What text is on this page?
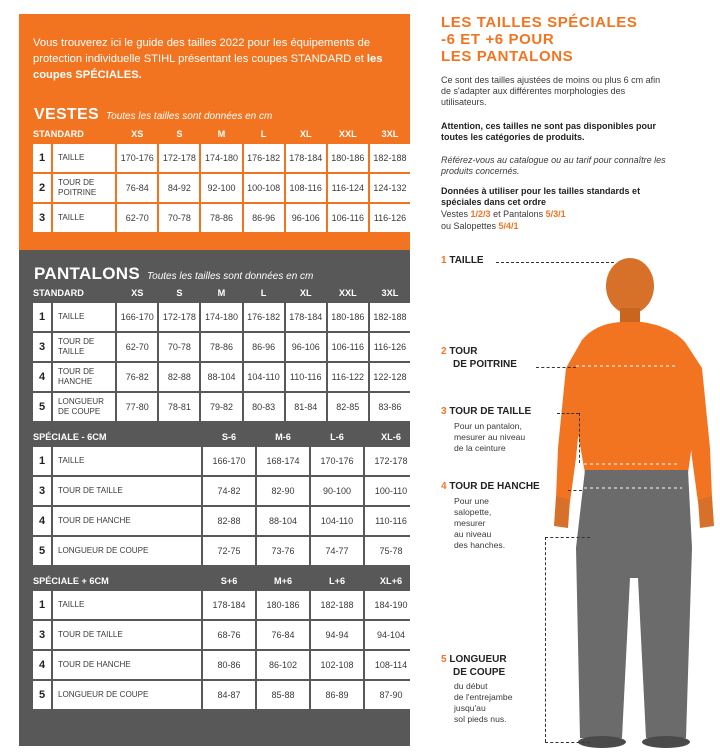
Vous trouverez ici le guide des tailles 2022 pour les équipements de protection individuelle STIHL présentant les coupes STANDARD et les coupes SPÉCIALES.
VESTES Toutes les tailles sont données en cm
STANDARD		XS	S	M	L	XL	XXL	3XL
1	TAILLE	170-176	172-178	174-180	176-182	178-184	180-186	182-188
2	TOUR DE POITRINE	76-84	84-92	92-100	100-108	108-116	116-124	124-132
3	TAILLE	62-70	70-78	78-86	86-96	96-106	106-116	116-126
PANTALONS Toutes les tailles sont données en cm
STANDARD		XS	S	M	L	XL	XXL	3XL
1	TAILLE	166-170	172-178	174-180	176-182	178-184	180-186	182-188
3	TOUR DE TAILLE	62-70	70-78	78-86	86-96	96-106	106-116	116-126
4	TOUR DE HANCHE	76-82	82-88	88-104	104-110	110-116	116-122	122-128
5	LONGUEUR DE COUPE	77-80	78-81	79-82	80-83	81-84	82-85	83-86
SPÉCIALE - 6CM		S-6	M-6	L-6	XL-6
1	TAILLE	166-170	168-174	170-176	172-178
3	TOUR DE TAILLE	74-82	82-90	90-100	100-110
4	TOUR DE HANCHE	82-88	88-104	104-110	110-116
5	LONGUEUR DE COUPE	72-75	73-76	74-77	75-78
SPÉCIALE + 6CM		S+6	M+6	L+6	XL+6
1	TAILLE	178-184	180-186	182-188	184-190
3	TOUR DE TAILLE	68-76	76-84	94-94	94-104
4	TOUR DE HANCHE	80-86	86-102	102-108	108-114
5	LONGUEUR DE COUPE	84-87	85-88	86-89	87-90
LES TAILLES SPÉCIALES
-6 ET +6 POUR
LES PANTALONS
Ce sont des tailles ajustées de moins ou plus 6 cm afin de s'adapter aux différentes morphologies des utilisateurs.
Attention, ces tailles ne sont pas disponibles pour toutes les catégories de produits.
Référez-vous au catalogue ou au tarif pour connaître les produits concernés.
Données à utiliser pour les tailles standards et spéciales dans cet ordre
Vestes 1/2/3 et Pantalons 5/3/1
ou Salopettes 5/4/1
1 TAILLE
2 TOUR
DE POITRINE
3 TOUR DE TAILLE
Pour un pantalon,
mesurer au niveau
de la ceinture
4 TOUR DE HANCHE
Pour une
salopette,
mesurer
au niveau
des hanches.
5 LONGUEUR
DE COUPE
du début
de l'entrejambe
jusqu'au
sol pieds nus.
